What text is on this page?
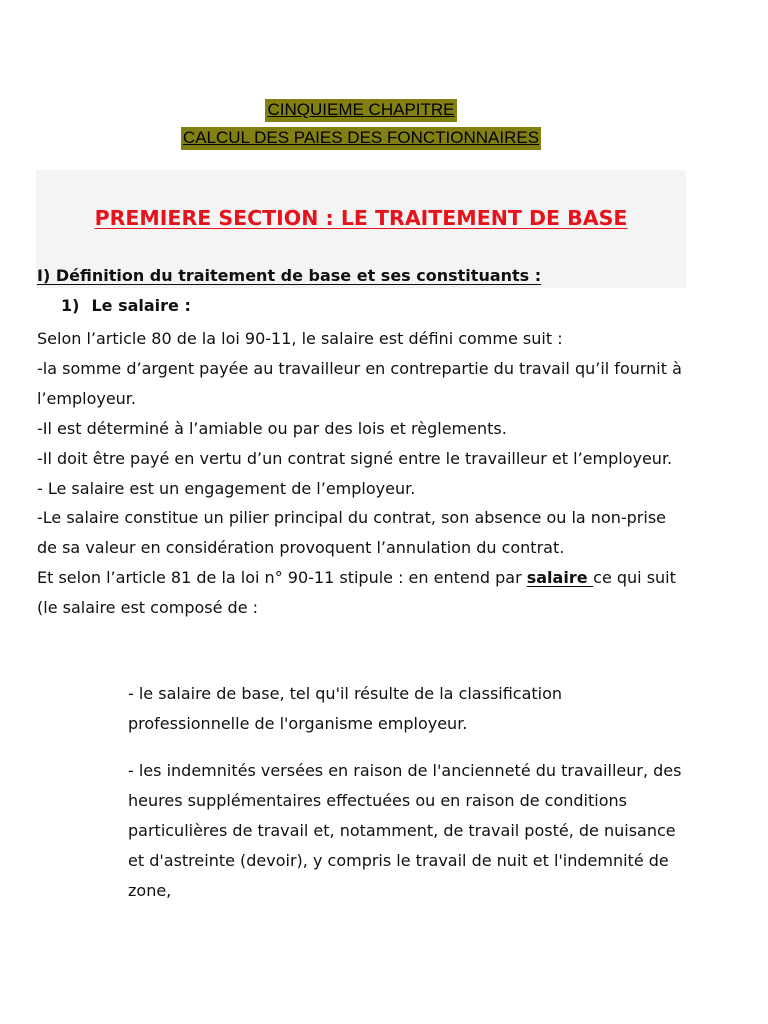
CINQUIEME CHAPITRE
CALCUL DES PAIES DES FONCTIONNAIRES
PREMIERE SECTION : LE TRAITEMENT DE BASE
I) Définition du traitement de base et ses constituants :
1) Le salaire :

Selon l’article 80 de la loi 90-11, le salaire est défini comme suit :

-la somme d’argent payée au travailleur en contrepartie du travail qu’il fournit à l’employeur.

-Il est déterminé à l’amiable ou par des lois et règlements.

-Il doit être payé en vertu d’un contrat signé entre le travailleur et l’employeur.

- Le salaire est un engagement de l’employeur.

-Le salaire constitue un pilier principal du contrat, son absence ou la non-prise de sa valeur en considération provoquent l’annulation du contrat.

Et selon l’article 81 de la loi n° 90-11 stipule : en entend par salaire ce qui suit (le salaire est composé de :

- le salaire de base, tel qu'il résulte de la classification professionnelle de l'organisme employeur.

- les indemnités versées en raison de l'ancienneté du travailleur, des heures supplémentaires effectuées ou en raison de conditions particulières de travail et, notamment, de travail posté, de nuisance et d'astreinte (devoir), y compris le travail de nuit et l'indemnité de zone,
